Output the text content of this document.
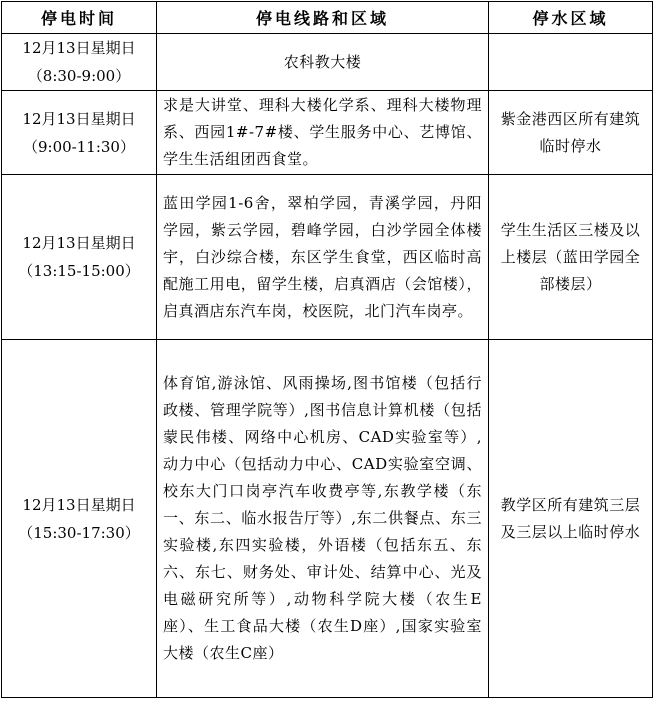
停电时间	停电线路和区域	停水区域

12月13日星期日
（8:30-9:00）	农科教大楼	

12月13日星期日
（9:00-11:30）	求是大讲堂、理科大楼化学系、理科大楼物理系、西园1#-7#楼、学生服务中心、艺博馆、学生生活组团西食堂。	紫金港西区所有建筑临时停水

12月13日星期日
（13:15-15:00）	蓝田学园1-6舍，翠柏学园，青溪学园，丹阳学园，紫云学园，碧峰学园，白沙学园全体楼宇，白沙综合楼，东区学生食堂，西区临时高配施工用电，留学生楼，启真酒店（会馆楼），启真酒店东汽车岗，校医院，北门汽车岗亭。	学生生活区三楼及以上楼层（蓝田学园全部楼层）

12月13日星期日
（15:30-17:30）	体育馆,游泳馆、风雨操场,图书馆楼（包括行政楼、管理学院等）,图书信息计算机楼（包括蒙民伟楼、网络中心机房、CAD实验室等）,动力中心（包括动力中心、CAD实验室空调、校东大门口岗亭汽车收费亭等,东教学楼（东一、东二、临水报告厅等）,东二供餐点、东三实验楼,东四实验楼，外语楼（包括东五、东六、东七、财务处、审计处、结算中心、光及电磁研究所等）,动物科学院大楼（农生E座）、生工食品大楼（农生D座）,国家实验室大楼（农生C座）	教学区所有建筑三层及三层以上临时停水
